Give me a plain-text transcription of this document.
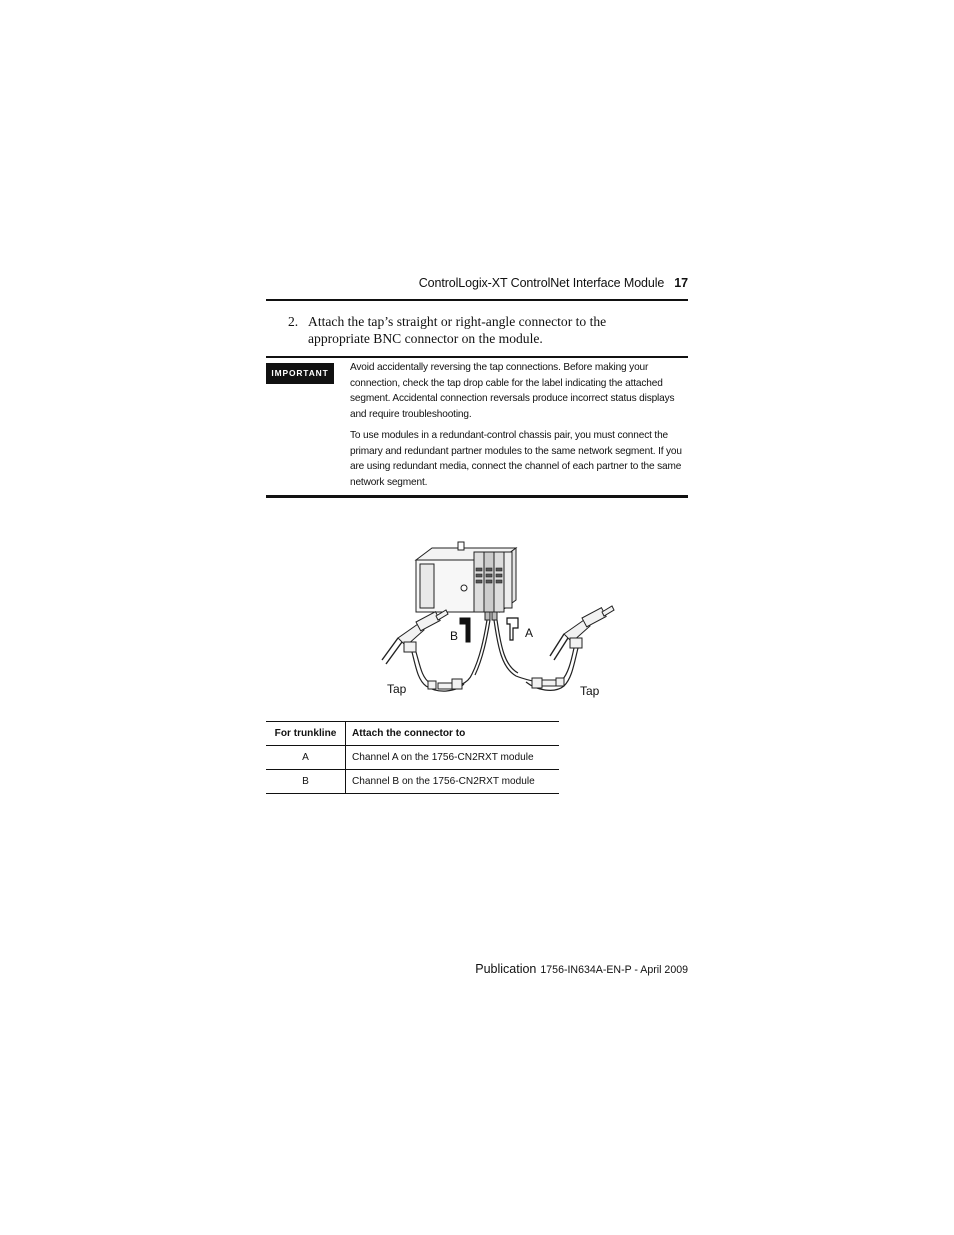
ControlLogix-XT ControlNet Interface Module 17
2. Attach the tap’s straight or right-angle connector to the appropriate BNC connector on the module.
IMPORTANT	Avoid accidentally reversing the tap connections. Before making your connection, check the tap drop cable for the label indicating the attached segment. Accidental connection reversals produce incorrect status displays and require troubleshooting.
To use modules in a redundant-control chassis pair, you must connect the primary and redundant partner modules to the same network segment. If you are using redundant media, connect the channel of each partner to the same network segment.
B	A
Tap	Tap
For trunkline	Attach the connector to
A	Channel A on the 1756-CN2RXT module
B	Channel B on the 1756-CN2RXT module
Publication 1756-IN634A-EN-P - April 2009
